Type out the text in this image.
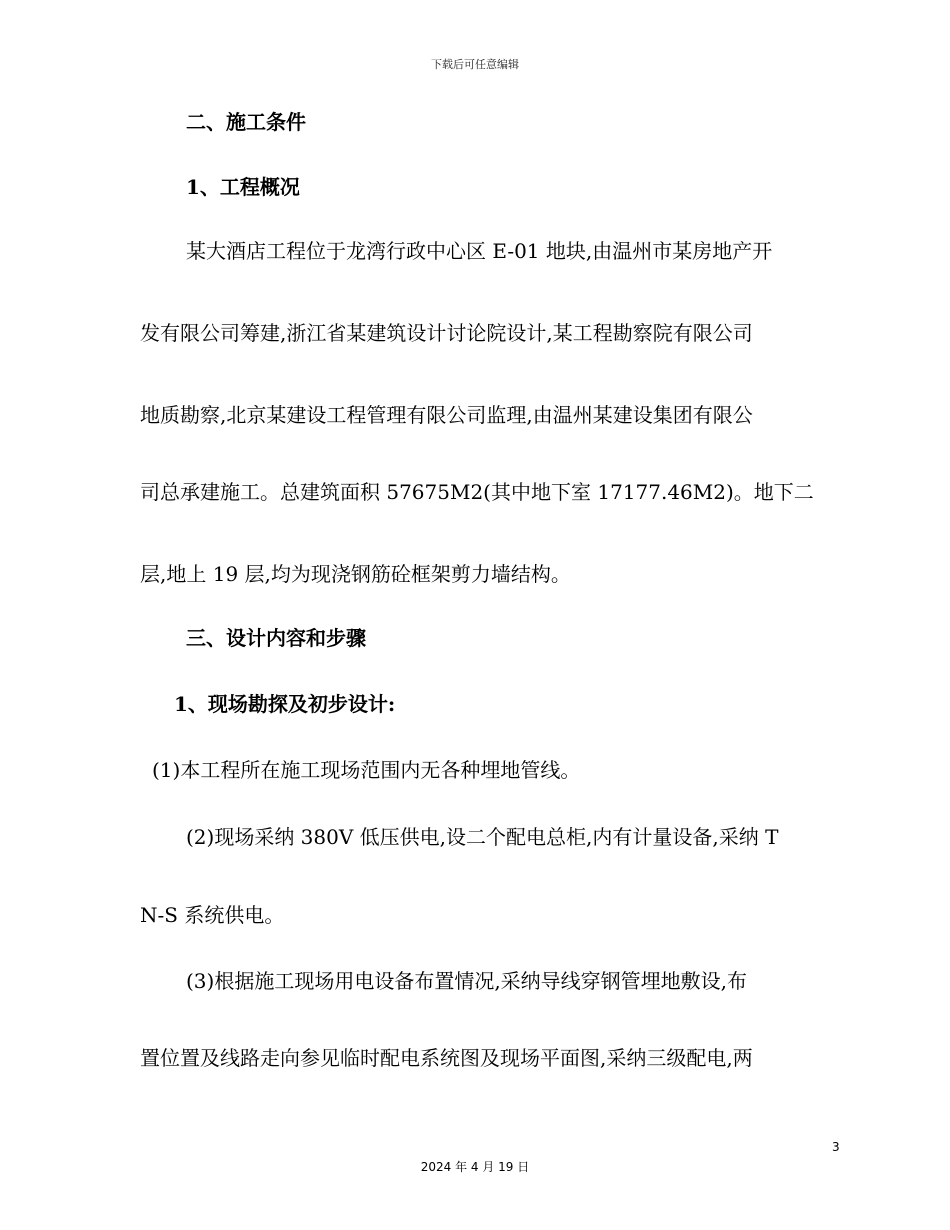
下载后可任意编辑
二、施工条件
1、工程概况
某大酒店工程位于龙湾行政中心区 E-01 地块,由温州市某房地产开
发有限公司筹建,浙江省某建筑设计讨论院设计,某工程勘察院有限公司
地质勘察,北京某建设工程管理有限公司监理,由温州某建设集团有限公
司总承建施工。总建筑面积 57675M2(其中地下室 17177.46M2)。地下二
层,地上 19 层,均为现浇钢筋砼框架剪力墙结构。
三、设计内容和步骤
1、现场勘探及初步设计:
(1)本工程所在施工现场范围内无各种埋地管线。
(2)现场采纳 380V 低压供电,设二个配电总柜,内有计量设备,采纳 T
N-S 系统供电。
(3)根据施工现场用电设备布置情况,采纳导线穿钢管埋地敷设,布
置位置及线路走向参见临时配电系统图及现场平面图,采纳三级配电,两
3
2024 年 4 月 19 日
